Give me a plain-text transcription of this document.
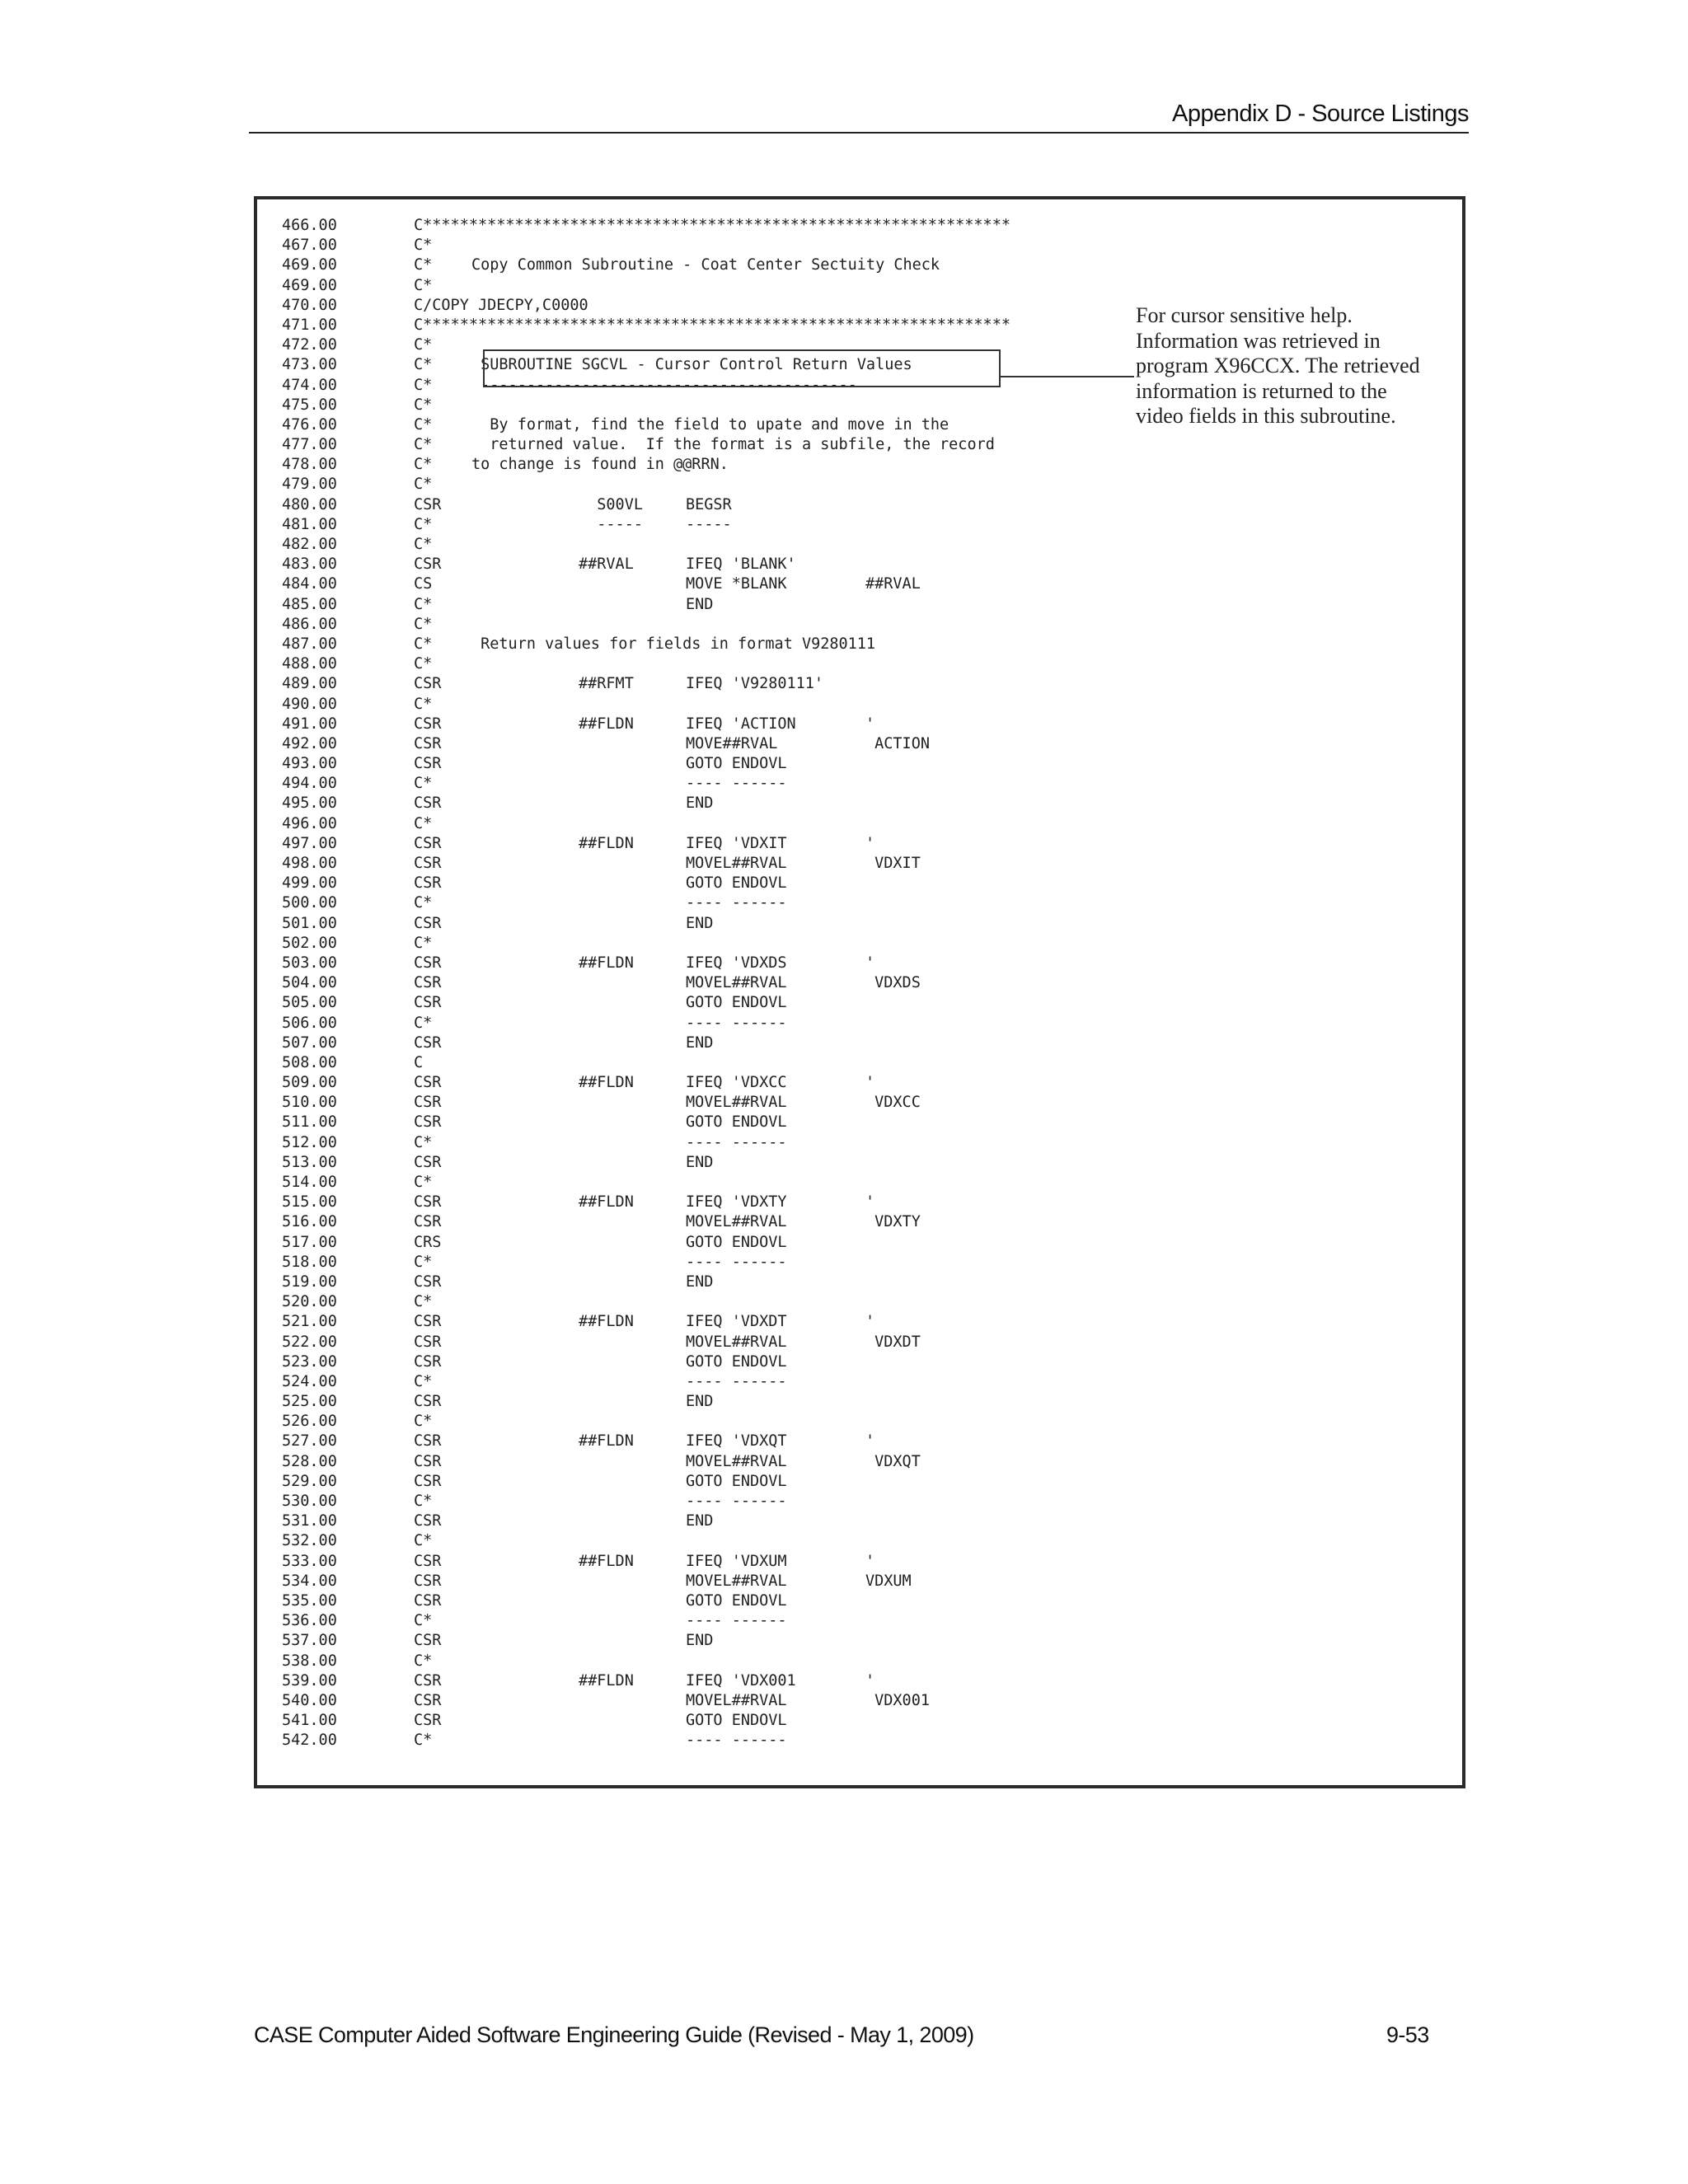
Appendix D - Source Listings
466.00	C****************************************************************
467.00	C*
469.00	C*	Copy Common Subroutine - Coat Center Sectuity Check
469.00	C*
470.00	C/COPY JDECPY,C0000
471.00	C****************************************************************
472.00	C*
473.00	C*	SUBROUTINE SGCVL - Cursor Control Return Values
474.00	C*	-----------------------------------------
475.00	C*
476.00	C*	By format, find the field to upate and move in the
477.00	C*	returned value.  If the format is a subfile, the record
478.00	C*	to change is found in @@RRN.
479.00	C*
480.00	CSR	S00VL	BEGSR
481.00	C*	-----	-----
482.00	C*
483.00	CSR	##RVAL	IFEQ 'BLANK'
484.00	CS	MOVE *BLANK	##RVAL
485.00	C*	END
486.00	C*
487.00	C*	Return values for fields in format V9280111
488.00	C*
489.00	CSR	##RFMT	IFEQ 'V9280111'
490.00	C*
491.00	CSR	##FLDN	IFEQ 'ACTION	'
492.00	CSR	MOVE##RVAL	ACTION
493.00	CSR	GOTO ENDOVL
494.00	C*	---- ------
495.00	CSR	END
496.00	C*
497.00	CSR	##FLDN	IFEQ 'VDXIT	'
498.00	CSR	MOVEL##RVAL	VDXIT
499.00	CSR	GOTO ENDOVL
500.00	C*	---- ------
501.00	CSR	END
502.00	C*
503.00	CSR	##FLDN	IFEQ 'VDXDS	'
504.00	CSR	MOVEL##RVAL	VDXDS
505.00	CSR	GOTO ENDOVL
506.00	C*	---- ------
507.00	CSR	END
508.00	C
509.00	CSR	##FLDN	IFEQ 'VDXCC	'
510.00	CSR	MOVEL##RVAL	VDXCC
511.00	CSR	GOTO ENDOVL
512.00	C*	---- ------
513.00	CSR	END
514.00	C*
515.00	CSR	##FLDN	IFEQ 'VDXTY	'
516.00	CSR	MOVEL##RVAL	VDXTY
517.00	CRS	GOTO ENDOVL
518.00	C*	---- ------
519.00	CSR	END
520.00	C*
521.00	CSR	##FLDN	IFEQ 'VDXDT	'
522.00	CSR	MOVEL##RVAL	VDXDT
523.00	CSR	GOTO ENDOVL
524.00	C*	---- ------
525.00	CSR	END
526.00	C*
527.00	CSR	##FLDN	IFEQ 'VDXQT	'
528.00	CSR	MOVEL##RVAL	VDXQT
529.00	CSR	GOTO ENDOVL
530.00	C*	---- ------
531.00	CSR	END
532.00	C*
533.00	CSR	##FLDN	IFEQ 'VDXUM	'
534.00	CSR	MOVEL##RVAL	VDXUM
535.00	CSR	GOTO ENDOVL
536.00	C*	---- ------
537.00	CSR	END
538.00	C*
539.00	CSR	##FLDN	IFEQ 'VDX001	'
540.00	CSR	MOVEL##RVAL	VDX001
541.00	CSR	GOTO ENDOVL
542.00	C*	---- ------
For cursor sensitive help.
Information was retrieved in
program X96CCX. The retrieved
information is returned to the
video fields in this subroutine.
CASE Computer Aided Software Engineering Guide (Revised - May 1, 2009)	9-53
